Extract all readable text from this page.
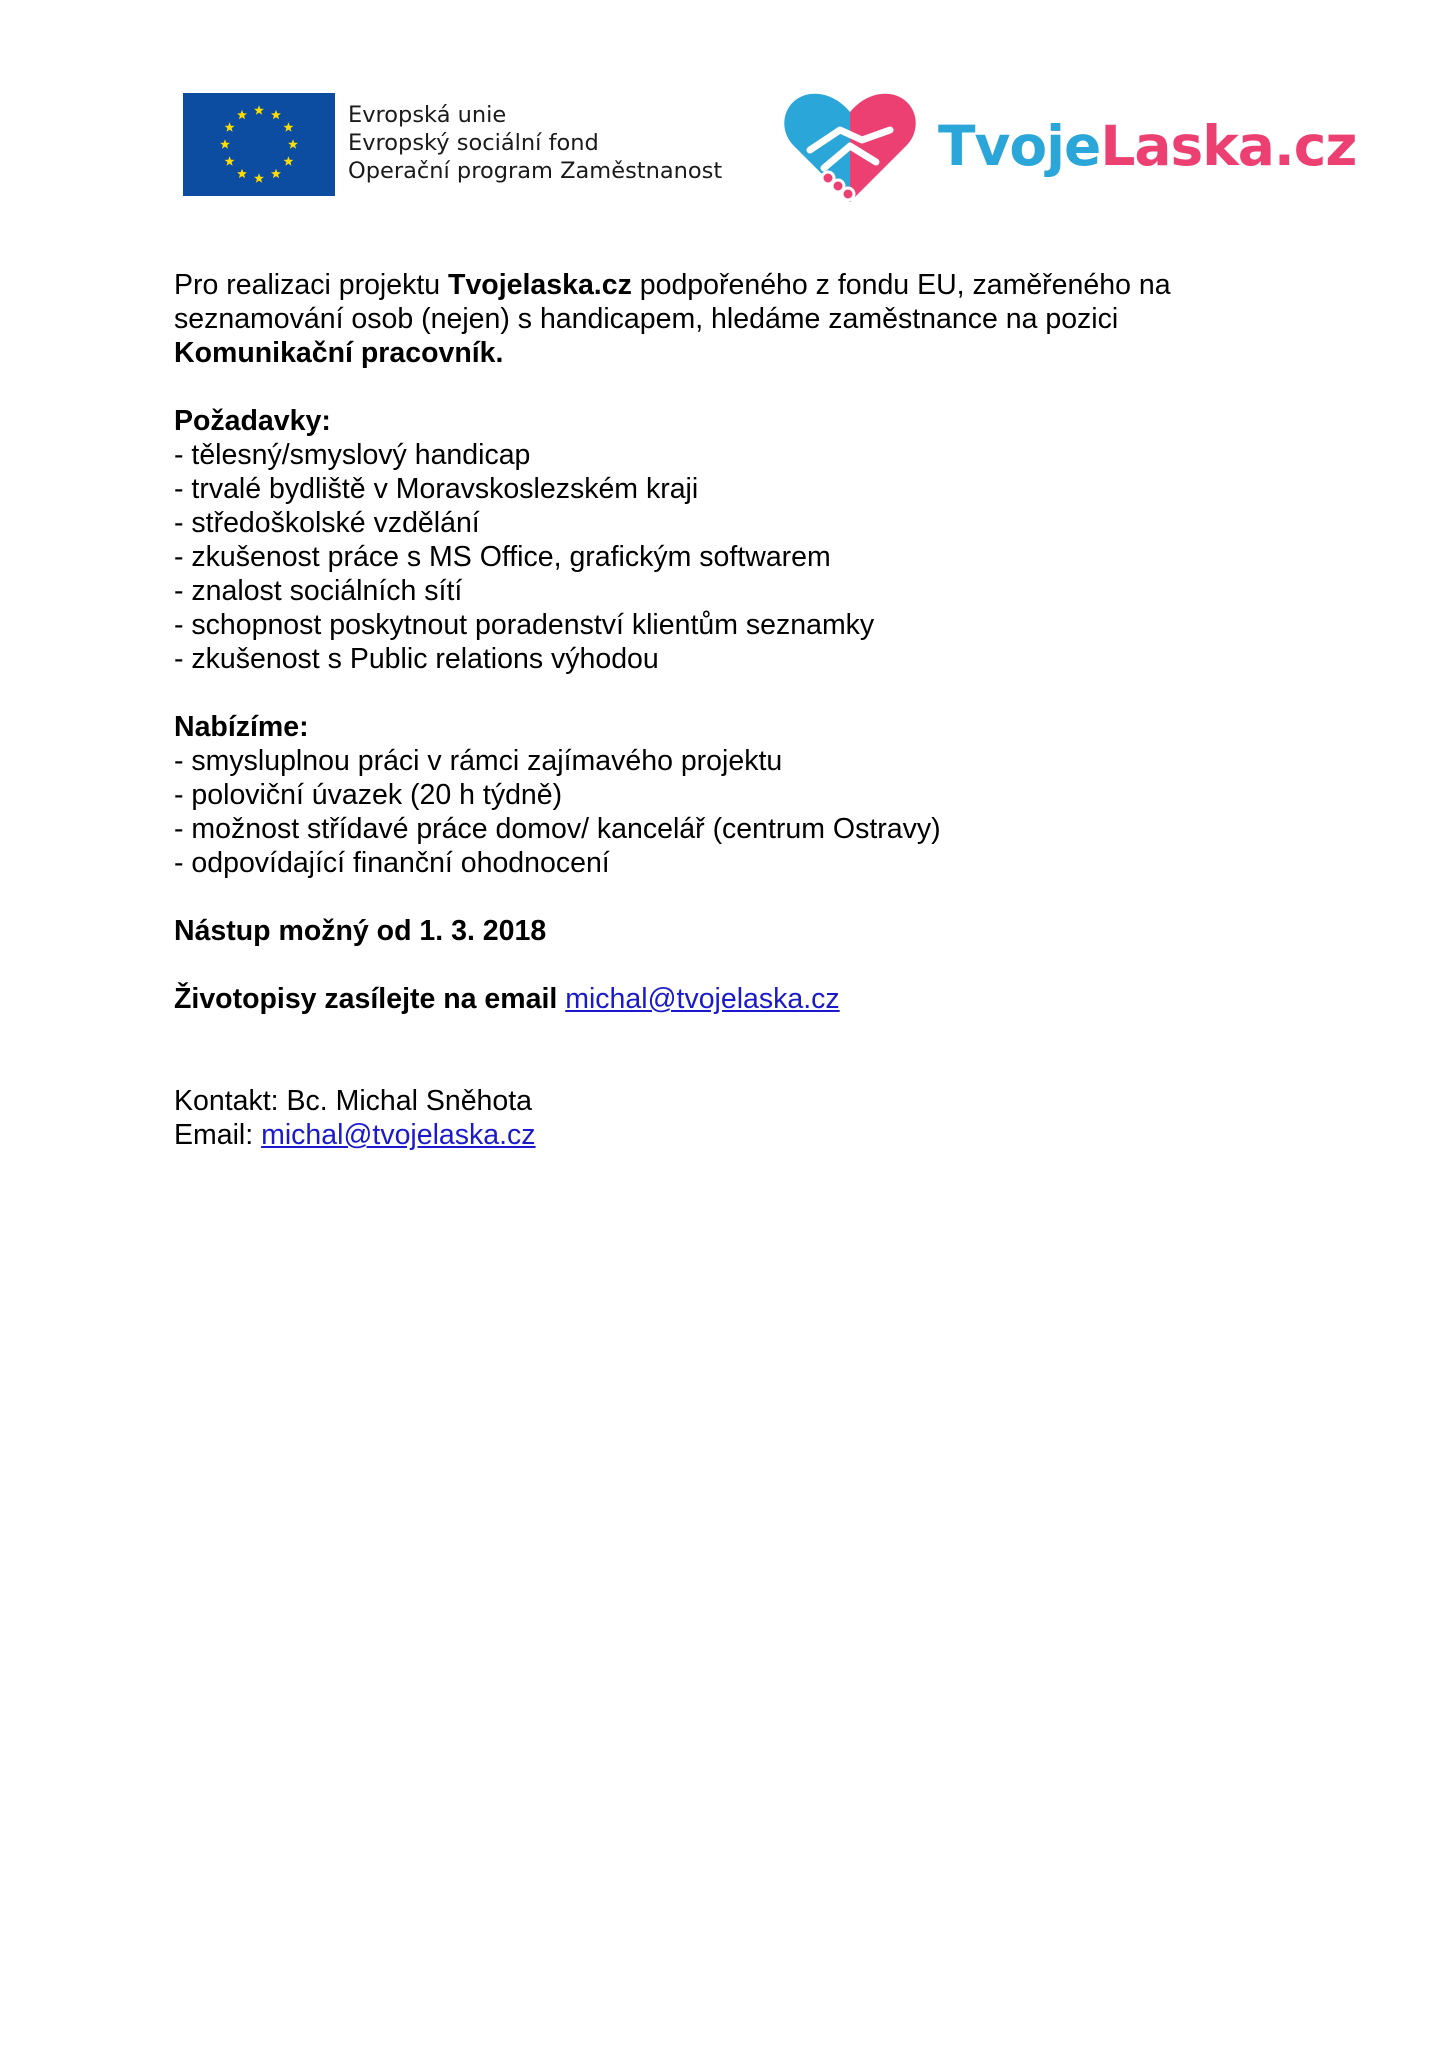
Evropská unie
Evropský sociální fond
Operační program Zaměstnanost	TvojeLaska.cz

Pro realizaci projektu Tvojelaska.cz podpořeného z fondu EU, zaměřeného na seznamování osob (nejen) s handicapem, hledáme zaměstnance na pozici Komunikační pracovník.

Požadavky:

- tělesný/smyslový handicap
- trvalé bydliště v Moravskoslezském kraji
- středoškolské vzdělání
- zkušenost práce s MS Office, grafickým softwarem
- znalost sociálních sítí
- schopnost poskytnout poradenství klientům seznamky
- zkušenost s Public relations výhodou

Nabízíme:

- smysluplnou práci v rámci zajímavého projektu
- poloviční úvazek (20 h týdně)
- možnost střídavé práce domov/ kancelář (centrum Ostravy)
- odpovídající finanční ohodnocení

Nástup možný od 1. 3. 2018

Životopisy zasílejte na email michal@tvojelaska.cz

Kontakt: Bc. Michal Sněhota

Email: michal@tvojelaska.cz
